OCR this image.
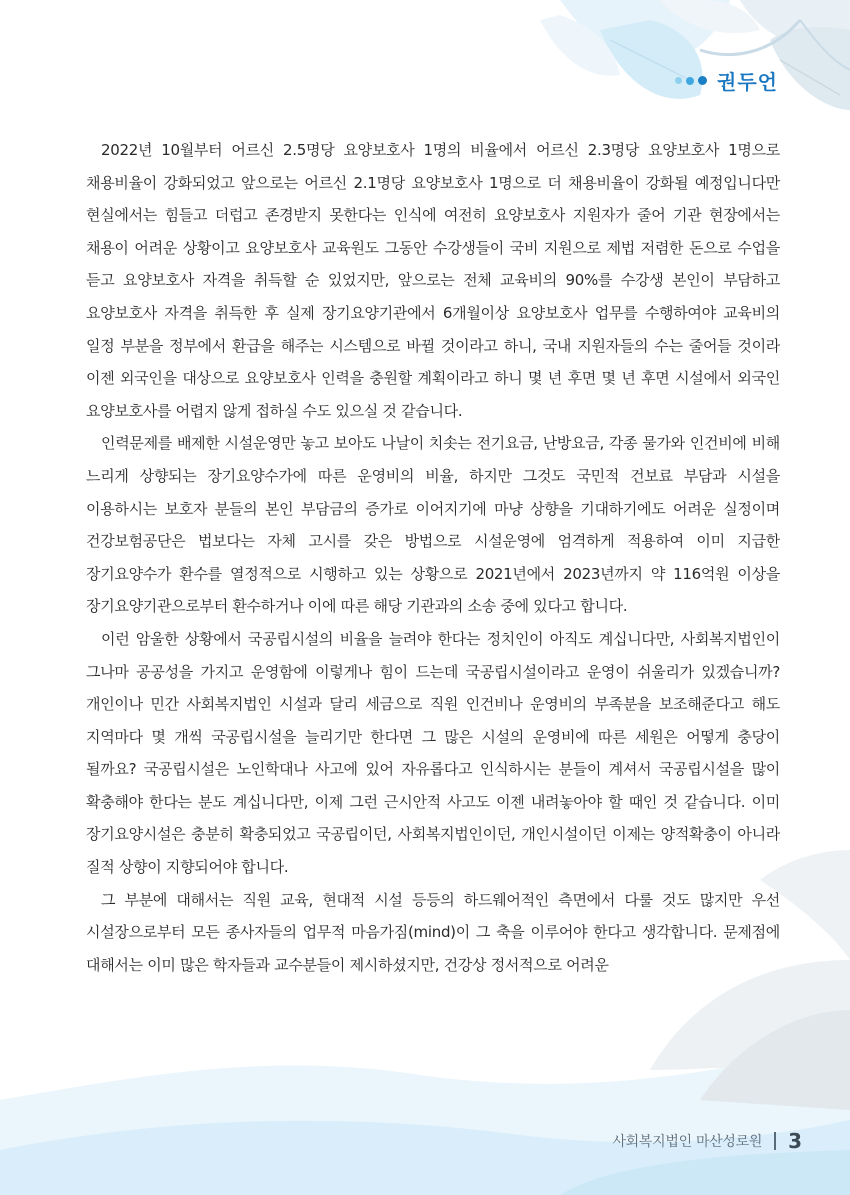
권두언

2022년 10월부터 어르신 2.5명당 요양보호사 1명의 비율에서 어르신 2.3명당 요양보호사 1명으로 채용비율이 강화되었고 앞으로는 어르신 2.1명당 요양보호사 1명으로 더 채용비율이 강화될 예정입니다만 현실에서는 힘들고 더럽고 존경받지 못한다는 인식에 여전히 요양보호사 지원자가 줄어 기관 현장에서는 채용이 어려운 상황이고 요양보호사 교육원도 그동안 수강생들이 국비 지원으로 제법 저렴한 돈으로 수업을 듣고 요양보호사 자격을 취득할 순 있었지만, 앞으로는 전체 교육비의 90%를 수강생 본인이 부담하고 요양보호사 자격을 취득한 후 실제 장기요양기관에서 6개월이상 요양보호사 업무를 수행하여야 교육비의 일정 부분을 정부에서 환급을 해주는 시스템으로 바뀔 것이라고 하니, 국내 지원자들의 수는 줄어들 것이라 이젠 외국인을 대상으로 요양보호사 인력을 충원할 계획이라고 하니 몇 년 후면 몇 년 후면 시설에서 외국인 요양보호사를 어렵지 않게 접하실 수도 있으실 것 같습니다.

인력문제를 배제한 시설운영만 놓고 보아도 나날이 치솟는 전기요금, 난방요금, 각종 물가와 인건비에 비해 느리게 상향되는 장기요양수가에 따른 운영비의 비율, 하지만 그것도 국민적 건보료 부담과 시설을 이용하시는 보호자 분들의 본인 부담금의 증가로 이어지기에 마냥 상향을 기대하기에도 어려운 실정이며 건강보험공단은 법보다는 자체 고시를 갖은 방법으로 시설운영에 엄격하게 적용하여 이미 지급한 장기요양수가 환수를 열정적으로 시행하고 있는 상황으로 2021년에서 2023년까지 약 116억원 이상을 장기요양기관으로부터 환수하거나 이에 따른 해당 기관과의 소송 중에 있다고 합니다.

이런 암울한 상황에서 국공립시설의 비율을 늘려야 한다는 정치인이 아직도 계십니다만, 사회복지법인이 그나마 공공성을 가지고 운영함에 이렇게나 힘이 드는데 국공립시설이라고 운영이 쉬울리가 있겠습니까? 개인이나 민간 사회복지법인 시설과 달리 세금으로 직원 인건비나 운영비의 부족분을 보조해준다고 해도 지역마다 몇 개씩 국공립시설을 늘리기만 한다면 그 많은 시설의 운영비에 따른 세원은 어떻게 충당이 될까요? 국공립시설은 노인학대나 사고에 있어 자유롭다고 인식하시는 분들이 계셔서 국공립시설을 많이 확충해야 한다는 분도 계십니다만, 이제 그런 근시안적 사고도 이젠 내려놓아야 할 때인 것 같습니다. 이미 장기요양시설은 충분히 확충되었고 국공립이던, 사회복지법인이던, 개인시설이던 이제는 양적확충이 아니라 질적 상향이 지향되어야 합니다.

그 부분에 대해서는 직원 교육, 현대적 시설 등등의 하드웨어적인 측면에서 다룰 것도 많지만 우선 시설장으로부터 모든 종사자들의 업무적 마음가짐(mind)이 그 축을 이루어야 한다고 생각합니다. 문제점에 대해서는 이미 많은 학자들과 교수분들이 제시하셨지만, 건강상 정서적으로 어려운

사회복지법인 마산성로원 3
